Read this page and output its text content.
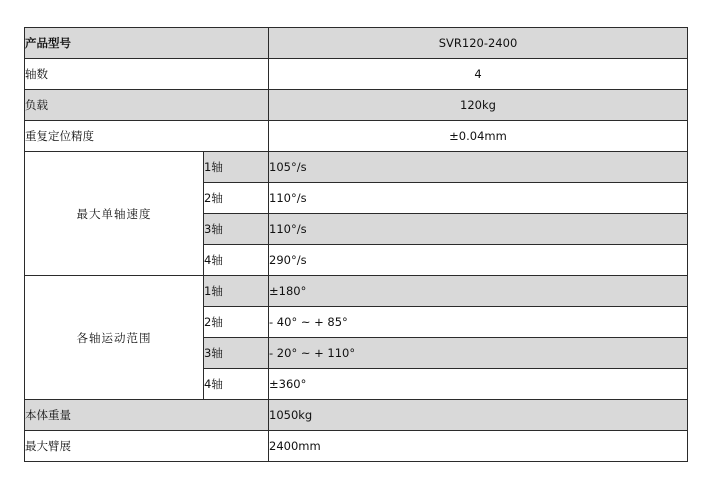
产品型号		SVR120-2400
轴数		4
负载		120kg
重复定位精度		±0.04mm
最大单轴速度	1轴	105°/s
	2轴	110°/s
	3轴	110°/s
	4轴	290°/s
各轴运动范围	1轴	±180°
	2轴	- 40° ~ + 85°
	3轴	- 20° ~ + 110°
	4轴	±360°
本体重量		1050kg
最大臂展		2400mm
